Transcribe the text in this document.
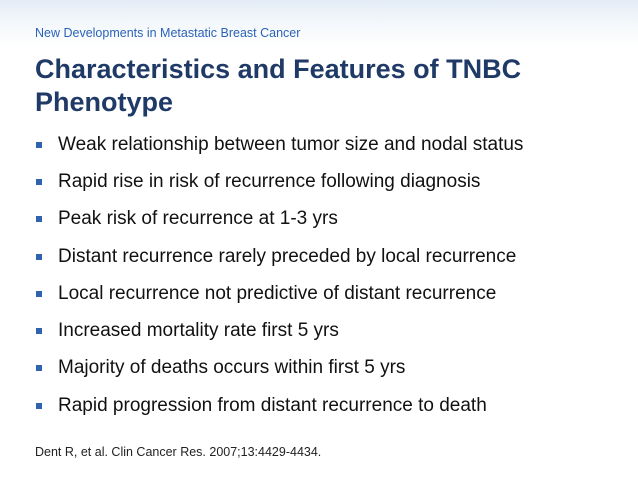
New Developments in Metastatic Breast Cancer
Characteristics and Features of TNBC Phenotype
Weak relationship between tumor size and nodal status
Rapid rise in risk of recurrence following diagnosis
Peak risk of recurrence at 1-3 yrs
Distant recurrence rarely preceded by local recurrence
Local recurrence not predictive of distant recurrence
Increased mortality rate first 5 yrs
Majority of deaths occurs within first 5 yrs
Rapid progression from distant recurrence to death
Dent R, et al. Clin Cancer Res. 2007;13:4429-4434.
